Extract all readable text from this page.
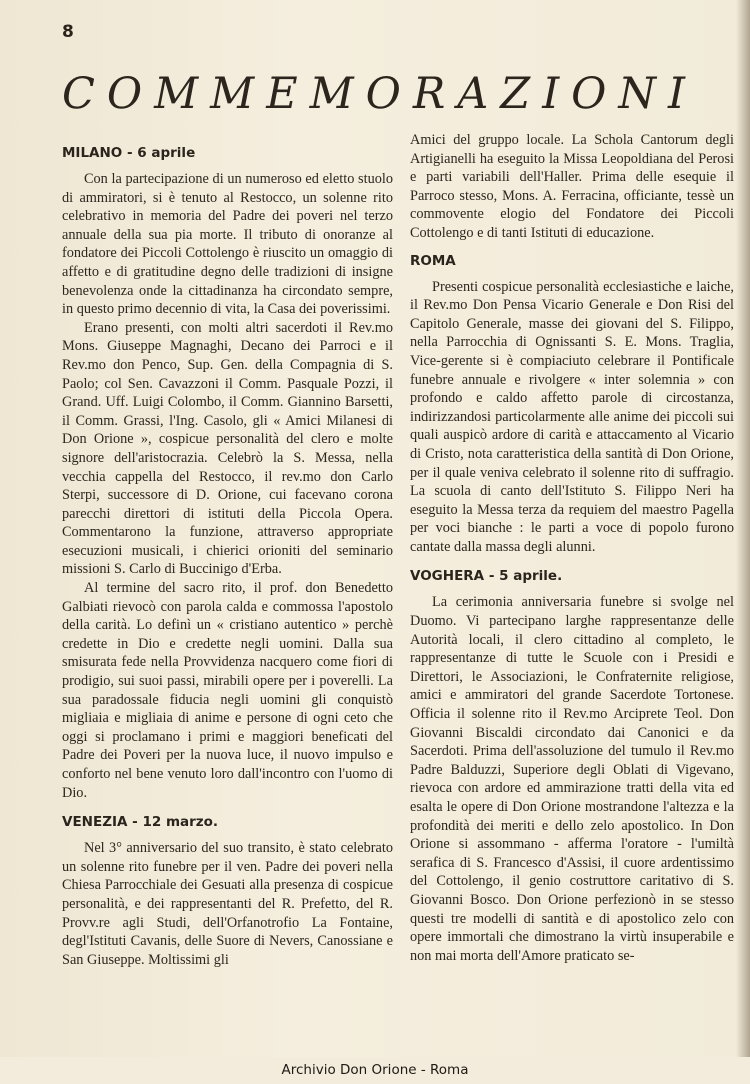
8
COMMEMORAZIONI
MILANO - 6 aprile

Con la partecipazione di un numeroso ed eletto stuolo di ammiratori, si è tenuto al Restocco, un solenne rito celebrativo in memoria del Padre dei poveri nel terzo annuale della sua pia morte. Il tributo di onoranze al fondatore dei Piccoli Cottolengo è riuscito un omaggio di affetto e di gratitudine degno delle tradizioni di insigne benevolenza onde la cittadinanza ha circondato sempre, in questo primo decennio di vita, la Casa dei poverissimi.

Erano presenti, con molti altri sacerdoti il Rev.mo Mons. Giuseppe Magnaghi, Decano dei Parroci e il Rev.mo don Penco, Sup. Gen. della Compagnia di S. Paolo; col Sen. Cavazzoni il Comm. Pasquale Pozzi, il Grand. Uff. Luigi Colombo, il Comm. Giannino Barsetti, il Comm. Grassi, l'Ing. Casolo, gli « Amici Milanesi di Don Orione », cospicue personalità del clero e molte signore dell'aristocrazia. Celebrò la S. Messa, nella vecchia cappella del Restocco, il rev.mo don Carlo Sterpi, successore di D. Orione, cui facevano corona parecchi direttori di istituti della Piccola Opera. Commentarono la funzione, attraverso appropriate esecuzioni musicali, i chierici orioniti del seminario missioni S. Carlo di Buccinigo d'Erba.

Al termine del sacro rito, il prof. don Benedetto Galbiati rievocò con parola calda e commossa l'apostolo della carità. Lo definì un « cristiano autentico » perchè credette in Dio e credette negli uomini. Dalla sua smisurata fede nella Provvidenza nacquero come fiori di prodigio, sui suoi passi, mirabili opere per i poverelli. La sua paradossale fiducia negli uomini gli conquistò migliaia e migliaia di anime e persone di ogni ceto che oggi si proclamano i primi e maggiori beneficati del Padre dei Poveri per la nuova luce, il nuovo impulso e conforto nel bene venuto loro dall'incontro con l'uomo di Dio.

VENEZIA - 12 marzo.

Nel 3° anniversario del suo transito, è stato celebrato un solenne rito funebre per il ven. Padre dei poveri nella Chiesa Parrocchiale dei Gesuati alla presenza di cospicue personalità, e dei rappresentanti del R. Prefetto, del R. Provv.re agli Studi, dell'Orfanotrofio La Fontaine, degl'Istituti Cavanis, delle Suore di Nevers, Canossiane e San Giuseppe. Moltissimi gli

Amici del gruppo locale. La Schola Cantorum degli Artigianelli ha eseguito la Missa Leopoldiana del Perosi e parti variabili dell'Haller. Prima delle esequie il Parroco stesso, Mons. A. Ferracina, officiante, tessè un commovente elogio del Fondatore dei Piccoli Cottolengo e di tanti Istituti di educazione.

ROMA

Presenti cospicue personalità ecclesiastiche e laiche, il Rev.mo Don Pensa Vicario Generale e Don Risi del Capitolo Generale, masse dei giovani del S. Filippo, nella Parrocchia di Ognissanti S. E. Mons. Traglia, Vice-gerente si è compiaciuto celebrare il Pontificale funebre annuale e rivolgere « inter solemnia » con profondo e caldo affetto parole di circostanza, indirizzandosi particolarmente alle anime dei piccoli sui quali auspicò ardore di carità e attaccamento al Vicario di Cristo, nota caratteristica della santità di Don Orione, per il quale veniva celebrato il solenne rito di suffragio. La scuola di canto dell'Istituto S. Filippo Neri ha eseguito la Messa terza da requiem del maestro Pagella per voci bianche : le parti a voce di popolo furono cantate dalla massa degli alunni.

VOGHERA - 5 aprile.

La cerimonia anniversaria funebre si svolge nel Duomo. Vi partecipano larghe rappresentanze delle Autorità locali, il clero cittadino al completo, le rappresentanze di tutte le Scuole con i Presidi e Direttori, le Associazioni, le Confraternite religiose, amici e ammiratori del grande Sacerdote Tortonese. Officia il solenne rito il Rev.mo Arciprete Teol. Don Giovanni Biscaldi circondato dai Canonici e da Sacerdoti. Prima dell'assoluzione del tumulo il Rev.mo Padre Balduzzi, Superiore degli Oblati di Vigevano, rievoca con ardore ed ammirazione tratti della vita ed esalta le opere di Don Orione mostrandone l'altezza e la profondità dei meriti e dello zelo apostolico. In Don Orione si assommano - afferma l'oratore - l'umiltà serafica di S. Francesco d'Assisi, il cuore ardentissimo del Cottolengo, il genio costruttore caritativo di S. Giovanni Bosco. Don Orione perfezionò in se stesso questi tre modelli di santità e di apostolico zelo con opere immortali che dimostrano la virtù insuperabile e non mai morta dell'Amore praticato se-

Archivio Don Orione - Roma
